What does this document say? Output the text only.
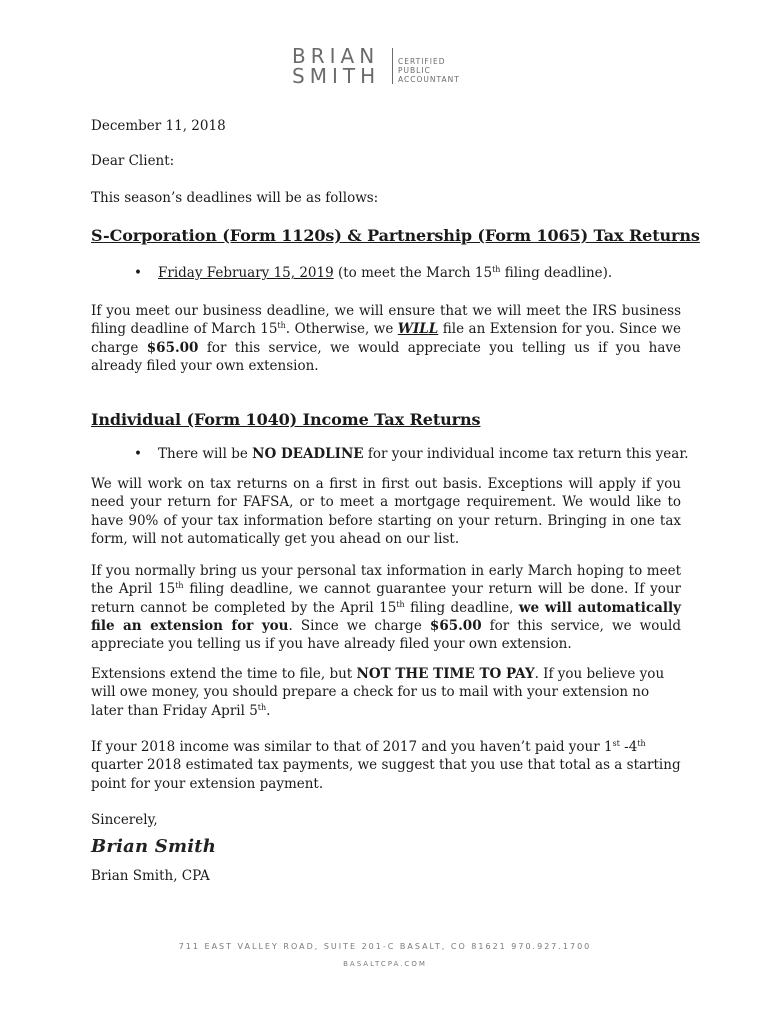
BRIAN
SMITH
CERTIFIED
PUBLIC
ACCOUNTANT
December 11, 2018
Dear Client:
This season’s deadlines will be as follows:
S-Corporation (Form 1120s) & Partnership (Form 1065) Tax Returns
• Friday February 15, 2019 (to meet the March 15th filing deadline).
If you meet our business deadline, we will ensure that we will meet the IRS business filing deadline of March 15th. Otherwise, we WILL file an Extension for you. Since we charge $65.00 for this service, we would appreciate you telling us if you have already filed your own extension.
Individual (Form 1040) Income Tax Returns
• There will be NO DEADLINE for your individual income tax return this year.
We will work on tax returns on a first in first out basis. Exceptions will apply if you need your return for FAFSA, or to meet a mortgage requirement. We would like to have 90% of your tax information before starting on your return. Bringing in one tax form, will not automatically get you ahead on our list.
If you normally bring us your personal tax information in early March hoping to meet the April 15th filing deadline, we cannot guarantee your return will be done. If your return cannot be completed by the April 15th filing deadline, we will automatically file an extension for you. Since we charge $65.00 for this service, we would appreciate you telling us if you have already filed your own extension.
Extensions extend the time to file, but NOT THE TIME TO PAY. If you believe you will owe money, you should prepare a check for us to mail with your extension no later than Friday April 5th.
If your 2018 income was similar to that of 2017 and you haven’t paid your 1st -4th quarter 2018 estimated tax payments, we suggest that you use that total as a starting point for your extension payment.
Sincerely,
Brian Smith
Brian Smith, CPA
711 EAST VALLEY ROAD, SUITE 201-C BASALT, CO 81621 970.927.1700
BASALTCPA.COM
